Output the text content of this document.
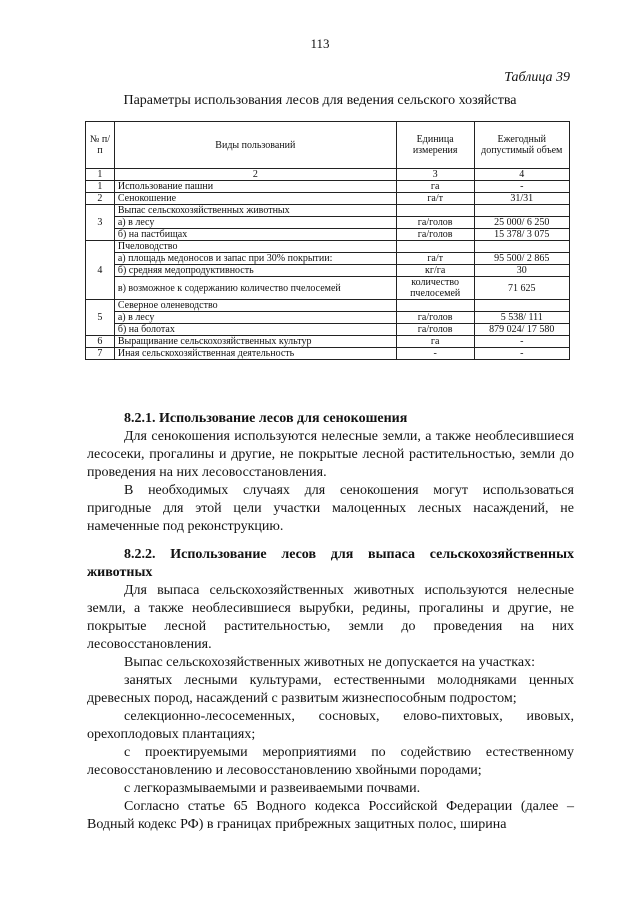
113
Таблица 39
Параметры использования лесов для ведения сельского хозяйства
№ п/п	Виды пользований	Единица измерения	Ежегодный допустимый объем
1	2	3	4
1	Использование пашни	га	-
2	Сенокошение	га/т	31/31
3	Выпас сельскохозяйственных животных		
	а) в лесу	га/голов	25 000/ 6 250
	б) на пастбищах	га/голов	15 378/ 3 075
4	Пчеловодство		
	а) площадь медоносов и запас при 30% покрытии:	га/т	95 500/ 2 865
	б) средняя медопродуктивность	кг/га	30
	в) возможное к содержанию количество пчелосемей	количество пчелосемей	71 625
5	Северное оленеводство		
	а) в лесу	га/голов	5 538/ 111
	б) на болотах	га/голов	879 024/ 17 580
6	Выращивание сельскохозяйственных культур	га	-
7	Иная сельскохозяйственная деятельность	-	-

8.2.1. Использование лесов для сенокошения

Для сенокошения используются нелесные земли, а также необлесившиеся лесосеки, прогалины и другие, не покрытые лесной растительностью, земли до проведения на них лесовосстановления.

В необходимых случаях для сенокошения могут использоваться пригодные для этой цели участки малоценных лесных насаждений, не намеченные под реконструкцию.

8.2.2. Использование лесов для выпаса сельскохозяйственных животных

Для выпаса сельскохозяйственных животных используются нелесные земли, а также необлесившиеся вырубки, редины, прогалины и другие, не покрытые лесной растительностью, земли до проведения на них лесовосстановления.

Выпас сельскохозяйственных животных не допускается на участках:

занятых лесными культурами, естественными молодняками ценных древесных пород, насаждений с развитым жизнеспособным подростом;

селекционно-лесосеменных, сосновых, елово-пихтовых, ивовых, орехоплодовых плантациях;

с проектируемыми мероприятиями по содействию естественному лесовосстановлению и лесовосстановлению хвойными породами;

с легкоразмываемыми и развеиваемыми почвами.

Согласно статье 65 Водного кодекса Российской Федерации (далее – Водный кодекс РФ) в границах прибрежных защитных полос, ширина
